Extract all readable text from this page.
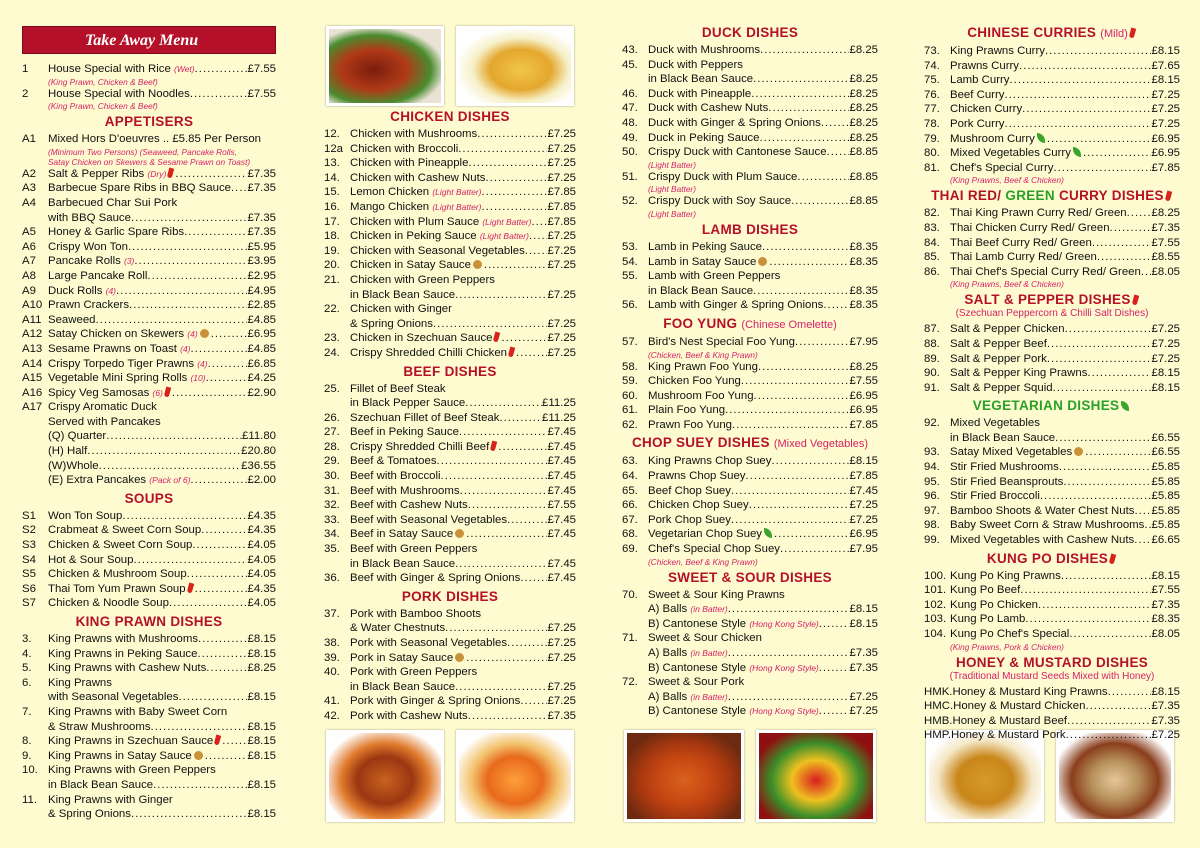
Take Away Menu
1	House Special with Rice (Wet) .....	£7.55
(King Prawn, Chicken & Beef)
2	House Special with Noodles .....	£7.55
(King Prawn, Chicken & Beef)
APPETISERS
A1	Mixed Hors D'oeuvres .. £5.85 Per Person
(Minimum Two Persons) (Seaweed, Pancake Rolls,
Satay Chicken on Skewers & Sesame Prawn on Toast)
A2	Salt & Pepper Ribs (Dry) .....	£7.35
A3	Barbecue Spare Ribs in BBQ Sauce ..... £7.35
A4	Barbecued Char Sui Pork
with BBQ Sauce .....	£7.35
A5	Honey & Garlic Spare Ribs .....	£7.35
A6	Crispy Won Ton .....	£5.95
A7	Pancake Rolls (3) .....	£3.95
A8	Large Pancake Roll .....	£2.95
A9	Duck Rolls (4) .....	£4.95
A10 Prawn Crackers .....	£2.85
A11 Seaweed .....	£4.85
A12 Satay Chicken on Skewers (4) .....	£6.95
A13 Sesame Prawns on Toast (4) .....	£4.85
A14 Crispy Torpedo Tiger Prawns (4) .....	£6.85
A15 Vegetable Mini Spring Rolls (10) .....	£4.25
A16 Spicy Veg Samosas (6) .....	£2.90
A17 Crispy Aromatic Duck
Served with Pancakes
(Q) Quarter .....	£11.80
(H) Half .....	£20.80
(W)Whole .....	£36.55
(E) Extra Pancakes (Pack of 6) .....	£2.00
SOUPS
S1	Won Ton Soup .....	£4.35
S2	Crabmeat & Sweet Corn Soup .....	£4.35
S3	Chicken & Sweet Corn Soup .....	£4.05
S4	Hot & Sour Soup .....	£4.05
S5	Chicken & Mushroom Soup .....	£4.05
S6	Thai Tom Yum Prawn Soup .....	£4.35
S7	Chicken & Noodle Soup .....	£4.05
KING PRAWN DISHES
3.	King Prawns with Mushrooms .....	£8.15
4.	King Prawns in Peking Sauce .....	£8.15
5.	King Prawns with Cashew Nuts .....	£8.25
6.	King Prawns
with Seasonal Vegetables .....	£8.15
7.	King Prawns with Baby Sweet Corn
& Straw Mushrooms .....	£8.15
8.	King Prawns in Szechuan Sauce .....	£8.15
9.	King Prawns in Satay Sauce .....	£8.15
10. King Prawns with Green Peppers
in Black Bean Sauce .....	£8.15
11. King Prawns with Ginger
& Spring Onions .....	£8.15
CHICKEN DISHES
12. Chicken with Mushrooms .....	£7.25
12a Chicken with Broccoli .....	£7.25
13. Chicken with Pineapple .....	£7.25
14. Chicken with Cashew Nuts .....	£7.25
15. Lemon Chicken (Light Batter) .....	£7.85
16. Mango Chicken (Light Batter) .....	£7.85
17. Chicken with Plum Sauce (Light Batter) ..... £7.85
18. Chicken in Peking Sauce (Light Batter) ..... £7.25
19. Chicken with Seasonal Vegetables ..... £7.25
20. Chicken in Satay Sauce .....	£7.25
21. Chicken with Green Peppers
in Black Bean Sauce .....	£7.25
22. Chicken with Ginger
& Spring Onions .....	£7.25
23. Chicken in Szechuan Sauce .....	£7.25
24. Crispy Shredded Chilli Chicken .....	£7.25
BEEF DISHES
25. Fillet of Beef Steak
in Black Pepper Sauce .....	£11.25
26. Szechuan Fillet of Beef Steak .....	£11.25
27. Beef in Peking Sauce .....	£7.45
28. Crispy Shredded Chilli Beef .....	£7.45
29. Beef & Tomatoes .....	£7.45
30. Beef with Broccoli .....	£7.45
31. Beef with Mushrooms .....	£7.45
32. Beef with Cashew Nuts .....	£7.55
33. Beef with Seasonal Vegetables .....	£7.45
34. Beef in Satay Sauce .....	£7.45
35. Beef with Green Peppers
in Black Bean Sauce .....	£7.45
36. Beef with Ginger & Spring Onions ..... £7.45
PORK DISHES
37. Pork with Bamboo Shoots
& Water Chestnuts .....	£7.25
38. Pork with Seasonal Vegetables .....	£7.25
39. Pork in Satay Sauce .....	£7.25
40. Pork with Green Peppers
in Black Bean Sauce .....	£7.25
41. Pork with Ginger & Spring Onions ..... £7.25
42. Pork with Cashew Nuts .....	£7.35
DUCK DISHES
43. Duck with Mushrooms .....	£8.25
45. Duck with Peppers
in Black Bean Sauce .....	£8.25
46. Duck with Pineapple .....	£8.25
47. Duck with Cashew Nuts .....	£8.25
48. Duck with Ginger & Spring Onions .....	£8.25
49. Duck in Peking Sauce .....	£8.25
50. Crispy Duck with Cantonese Sauce ..... £8.85
(Light Batter)
51. Crispy Duck with Plum Sauce .....	£8.85
(Light Batter)
52. Crispy Duck with Soy Sauce .....	£8.85
(Light Batter)
LAMB DISHES
53. Lamb in Peking Sauce .....	£8.35
54. Lamb in Satay Sauce .....	£8.35
55. Lamb with Green Peppers
in Black Bean Sauce .....	£8.35
56. Lamb with Ginger & Spring Onions ..... £8.35
FOO YUNG (Chinese Omelette)
57. Bird's Nest Special Foo Yung .....	£7.95
(Chicken, Beef & King Prawn)
58. King Prawn Foo Yung .....	£8.25
59. Chicken Foo Yung .....	£7.55
60. Mushroom Foo Yung .....	£6.95
61. Plain Foo Yung .....	£6.95
62. Prawn Foo Yung .....	£7.85
CHOP SUEY DISHES (Mixed Vegetables)
63. King Prawns Chop Suey .....	£8.15
64. Prawns Chop Suey .....	£7.85
65. Beef Chop Suey .....	£7.45
66. Chicken Chop Suey .....	£7.25
67. Pork Chop Suey .....	£7.25
68. Vegetarian Chop Suey .....	£6.95
69. Chef's Special Chop Suey .....	£7.95
(Chicken, Beef & King Prawn)
SWEET & SOUR DISHES
70. Sweet & Sour King Prawns
A) Balls (in Batter) .....	£8.15
B) Cantonese Style (Hong Kong Style) .....	£8.15
71. Sweet & Sour Chicken
A) Balls (in Batter) .....	£7.35
B) Cantonese Style (Hong Kong Style) .....	£7.35
72. Sweet & Sour Pork
A) Balls (in Batter) .....	£7.25
B) Cantonese Style (Hong Kong Style) .....	£7.25
CHINESE CURRIES (Mild)
73. King Prawns Curry .....	£8.15
74. Prawns Curry .....	£7.65
75. Lamb Curry .....	£8.15
76. Beef Curry .....	£7.25
77. Chicken Curry .....	£7.25
78. Pork Curry .....	£7.25
79. Mushroom Curry .....	£6.95
80. Mixed Vegetables Curry .....	£6.95
81. Chef's Special Curry .....	£7.85
(King Prawns, Beef & Chicken)
THAI RED/ GREEN CURRY DISHES
82. Thai King Prawn Curry Red/ Green ..... £8.25
83. Thai Chicken Curry Red/ Green .....	£7.35
84. Thai Beef Curry Red/ Green .....	£7.55
85. Thai Lamb Curry Red/ Green .....	£8.55
86. Thai Chef's Special Curry Red/ Green ..... £8.05
(King Prawns, Beef & Chicken)
SALT & PEPPER DISHES
(Szechuan Peppercorn & Chilli Salt Dishes)
87. Salt & Pepper Chicken .....	£7.25
88. Salt & Pepper Beef .....	£7.25
89. Salt & Pepper Pork .....	£7.25
90. Salt & Pepper King Prawns .....	£8.15
91. Salt & Pepper Squid .....	£8.15
VEGETARIAN DISHES
92. Mixed Vegetables
in Black Bean Sauce .....	£6.55
93. Satay Mixed Vegetables .....	£6.55
94. Stir Fried Mushrooms .....	£5.85
95. Stir Fried Beansprouts .....	£5.85
96. Stir Fried Broccoli .....	£5.85
97. Bamboo Shoots & Water Chest Nuts ..... £5.85
98. Baby Sweet Corn & Straw Mushrooms ..... £5.85
99. Mixed Vegetables with Cashew Nuts ..... £6.65
KUNG PO DISHES
100. Kung Po King Prawns .....	£8.15
101. Kung Po Beef .....	£7.55
102. Kung Po Chicken .....	£7.35
103. Kung Po Lamb .....	£8.35
104. Kung Po Chef's Special .....	£8.05
(King Prawns, Pork & Chicken)
HONEY & MUSTARD DISHES
(Traditional Mustard Seeds Mixed with Honey)
HMK. Honey & Mustard King Prawns .....	£8.15
HMC. Honey & Mustard Chicken .....	£7.35
HMB. Honey & Mustard Beef .....	£7.35
HMP. Honey & Mustard Pork .....	£7.25
